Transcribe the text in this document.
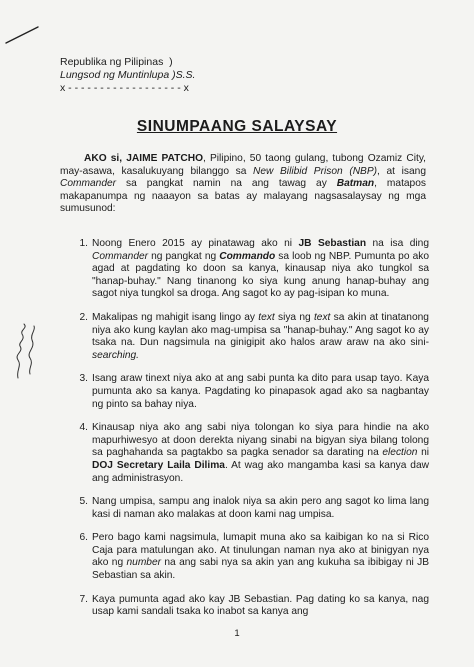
Republika ng Pilipinas  )
Lungsod ng Muntinlupa )S.S.
x - - - - - - - - - - - - - - - - - - x
SINUMPAANG SALAYSAY
AKO si, JAIME PATCHO, Pilipino, 50 taong gulang, tubong Ozamiz City, may-asawa, kasalukuyang bilanggo sa New Bilibid Prison (NBP), at isang Commander sa pangkat namin na ang tawag ay Batman, matapos makapanumpa ng naaayon sa batas ay malayang nagsasalaysay ng mga sumusunod:
1. Noong Enero 2015 ay pinatawag ako ni JB Sebastian na isa ding Commander ng pangkat ng Commando sa loob ng NBP. Pumunta po ako agad at pagdating ko doon sa kanya, kinausap niya ako tungkol sa "hanap-buhay." Nang tinanong ko siya kung anung hanap-buhay ang sagot niya tungkol sa droga. Ang sagot ko ay pag-isipan ko muna.
2. Makalipas ng mahigit isang lingo ay text siya ng text sa akin at tinatanong niya ako kung kaylan ako mag-umpisa sa "hanap-buhay." Ang sagot ko ay tsaka na. Dun nagsimula na ginigipit ako halos araw araw na ako sini-searching.
3. Isang araw tinext niya ako at ang sabi punta ka dito para usap tayo. Kaya pumunta ako sa kanya. Pagdating ko pinapasok agad ako sa nagbantay ng pinto sa bahay niya.
4. Kinausap niya ako ang sabi niya tolongan ko siya para hindie na ako mapurhiwesyo at doon derekta niyang sinabi na bigyan siya bilang tolong sa paghahanda sa pagtakbo sa pagka senador sa darating na election ni DOJ Secretary Laila Dilima. At wag ako mangamba kasi sa kanya daw ang administrasyon.
5. Nang umpisa, sampu ang inalok niya sa akin pero ang sagot ko lima lang kasi di naman ako malakas at doon kami nag umpisa.
6. Pero bago kami nagsimula, lumapit muna ako sa kaibigan ko na si Rico Caja para matulungan ako. At tinulungan naman nya ako at binigyan nya ako ng number na ang sabi nya sa akin yan ang kukuha sa ibibigay ni JB Sebastian sa akin.
7. Kaya pumunta agad ako kay JB Sebastian. Pag dating ko sa kanya, nag usap kami sandali tsaka ko inabot sa kanya ang
1
